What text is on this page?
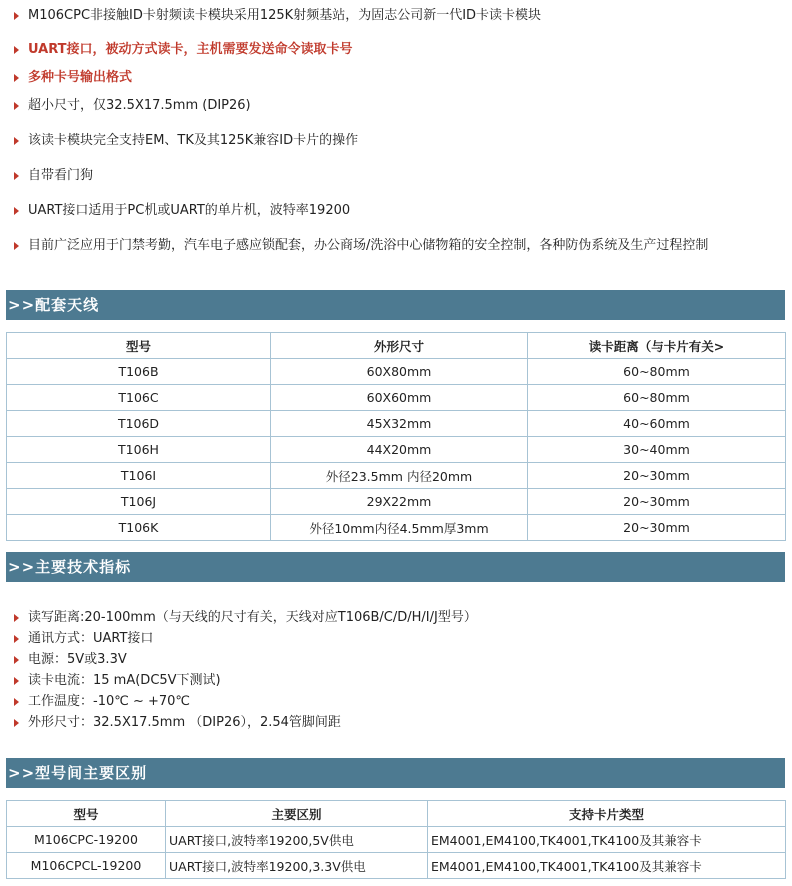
M106CPC非接触ID卡射频读卡模块采用125K射频基站，为固志公司新一代ID卡读卡模块
UART接口，被动方式读卡，主机需要发送命令读取卡号
多种卡号输出格式
超小尺寸，仅32.5X17.5mm (DIP26)
该读卡模块完全支持EM、TK及其125K兼容ID卡片的操作
自带看门狗
UART接口适用于PC机或UART的单片机，波特率19200
目前广泛应用于门禁考勤，汽车电子感应锁配套，办公商场/洗浴中心储物箱的安全控制，各种防伪系统及生产过程控制
>>配套天线
型号	外形尺寸	读卡距离（与卡片有关>
T106B	60X80mm	60~80mm
T106C	60X60mm	60~80mm
T106D	45X32mm	40~60mm
T106H	44X20mm	30~40mm
T106I	外径23.5mm 内径20mm	20~30mm
T106J	29X22mm	20~30mm
T106K	外径10mm内径4.5mm厚3mm	20~30mm
>>主要技术指标
读写距离:20-100mm（与天线的尺寸有关，天线对应T106B/C/D/H/I/J型号）
通讯方式：UART接口
电源：5V或3.3V
读卡电流：15 mA(DC5V下测试)
工作温度：-10℃ ~ +70℃
外形尺寸：32.5X17.5mm （DIP26），2.54管脚间距
>>型号间主要区别
型号	主要区别	支持卡片类型
M106CPC-19200	UART接口,波特率19200,5V供电	EM4001,EM4100,TK4001,TK4100及其兼容卡
M106CPCL-19200	UART接口,波特率19200,3.3V供电	EM4001,EM4100,TK4001,TK4100及其兼容卡
